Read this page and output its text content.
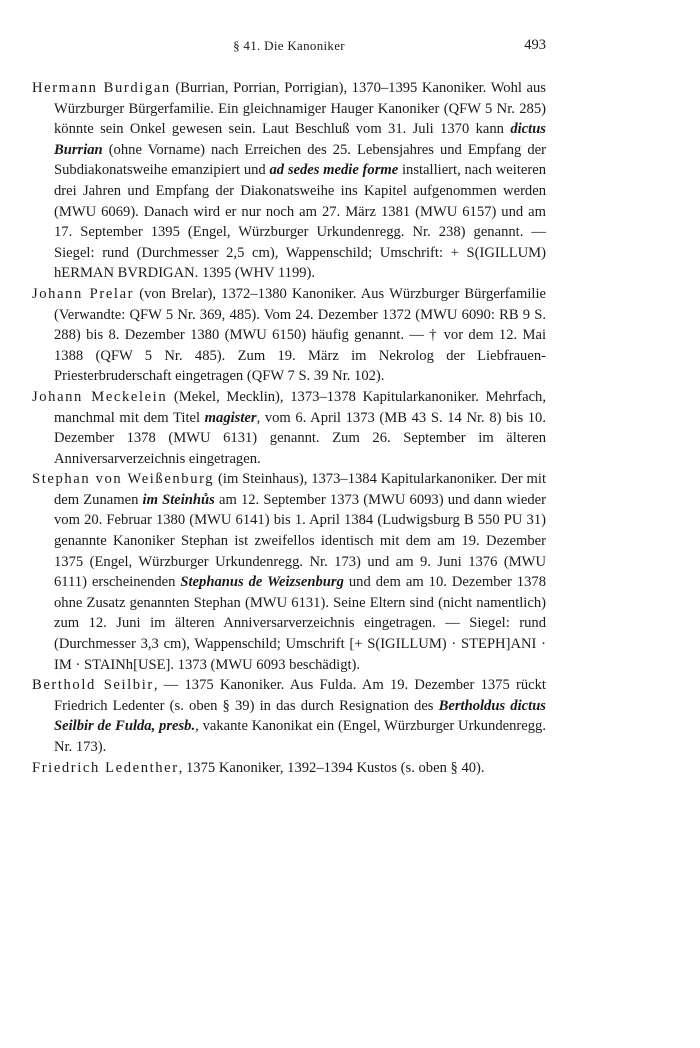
§ 41. Die Kanoniker	493

Hermann Burdigan (Burrian, Porrian, Porrigian), 1370–1395 Kanoniker. Wohl aus Würzburger Bürgerfamilie. Ein gleichnamiger Hauger Kanoniker (QFW 5 Nr. 285) könnte sein Onkel gewesen sein. Laut Beschluß vom 31. Juli 1370 kann dictus Burrian (ohne Vorname) nach Erreichen des 25. Lebensjahres und Empfang der Subdiakonatsweihe emanzipiert und ad sedes medie forme installiert, nach weiteren drei Jahren und Empfang der Diakonatsweihe ins Kapitel aufgenommen werden (MWU 6069). Danach wird er nur noch am 27. März 1381 (MWU 6157) und am 17. September 1395 (Engel, Würzburger Urkundenregg. Nr. 238) genannt. — Siegel: rund (Durchmesser 2,5 cm), Wappenschild; Umschrift: + S(IGILLUM) hERMAN BVRDIGAN. 1395 (WHV 1199).

Johann Prelar (von Brelar), 1372–1380 Kanoniker. Aus Würzburger Bürgerfamilie (Verwandte: QFW 5 Nr. 369, 485). Vom 24. Dezember 1372 (MWU 6090: RB 9 S. 288) bis 8. Dezember 1380 (MWU 6150) häufig genannt. — † vor dem 12. Mai 1388 (QFW 5 Nr. 485). Zum 19. März im Nekrolog der Liebfrauen-Priesterbruderschaft eingetragen (QFW 7 S. 39 Nr. 102).

Johann Meckelein (Mekel, Mecklin), 1373–1378 Kapitularkanoniker. Mehrfach, manchmal mit dem Titel magister, vom 6. April 1373 (MB 43 S. 14 Nr. 8) bis 10. Dezember 1378 (MWU 6131) genannt. Zum 26. September im älteren Anniversarverzeichnis eingetragen.

Stephan von Weißenburg (im Steinhaus), 1373–1384 Kapitularkanoniker. Der mit dem Zunamen im Steinhůs am 12. September 1373 (MWU 6093) und dann wieder vom 20. Februar 1380 (MWU 6141) bis 1. April 1384 (Ludwigsburg B 550 PU 31) genannte Kanoniker Stephan ist zweifellos identisch mit dem am 19. Dezember 1375 (Engel, Würzburger Urkundenregg. Nr. 173) und am 9. Juni 1376 (MWU 6111) erscheinenden Stephanus de Weizsenburg und dem am 10. Dezember 1378 ohne Zusatz genannten Stephan (MWU 6131). Seine Eltern sind (nicht namentlich) zum 12. Juni im älteren Anniversarverzeichnis eingetragen. — Siegel: rund (Durchmesser 3,3 cm), Wappenschild; Umschrift [+ S(IGILLUM) · STEPH]ANI · IM · STAINh[USE]. 1373 (MWU 6093 beschädigt).

Berthold Seilbir, — 1375 Kanoniker. Aus Fulda. Am 19. Dezember 1375 rückt Friedrich Ledenter (s. oben § 39) in das durch Resignation des Bertholdus dictus Seilbir de Fulda, presb., vakante Kanonikat ein (Engel, Würzburger Urkundenregg. Nr. 173).

Friedrich Ledenther, 1375 Kanoniker, 1392–1394 Kustos (s. oben § 40).
